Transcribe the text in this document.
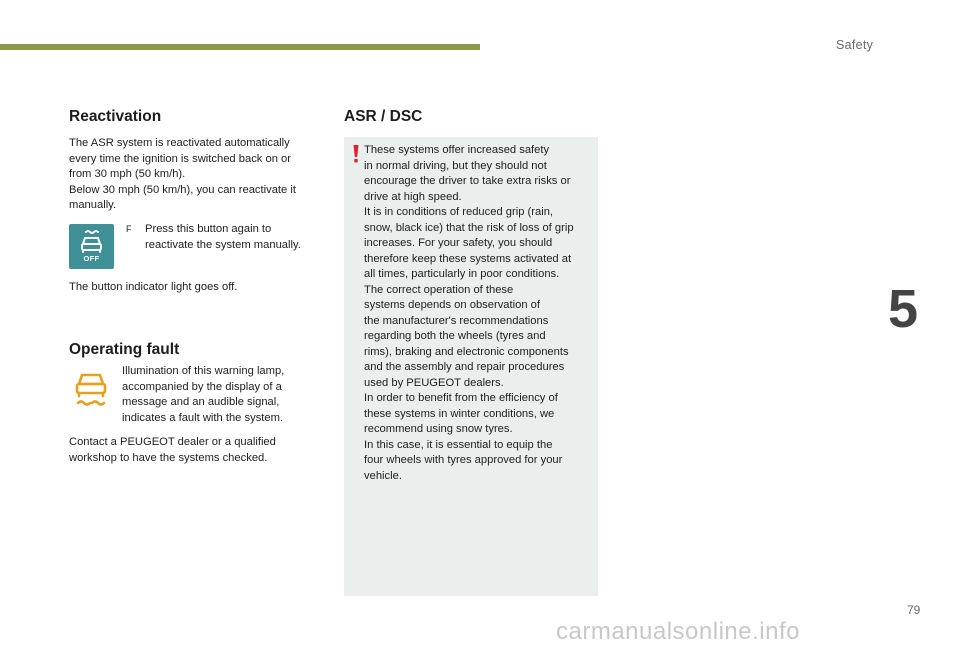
Safety
5
Reactivation
The ASR system is reactivated automatically
every time the ignition is switched back on or
from 30 mph (50 km/h).
Below 30 mph (50 km/h), you can reactivate it
manually.
OFF
F Press this button again to
reactivate the system manually.
The button indicator light goes off.
Operating fault
Illumination of this warning lamp,
accompanied by the display of a
message and an audible signal,
indicates a fault with the system.
Contact a PEUGEOT dealer or a qualified
workshop to have the systems checked.
ASR / DSC
These systems offer increased safety
in normal driving, but they should not
encourage the driver to take extra risks or
drive at high speed.
It is in conditions of reduced grip (rain,
snow, black ice) that the risk of loss of grip
increases. For your safety, you should
therefore keep these systems activated at
all times, particularly in poor conditions.
The correct operation of these
systems depends on observation of
the manufacturer's recommendations
regarding both the wheels (tyres and
rims), braking and electronic components
and the assembly and repair procedures
used by PEUGEOT dealers.
In order to benefit from the efficiency of
these systems in winter conditions, we
recommend using snow tyres.
In this case, it is essential to equip the
four wheels with tyres approved for your
vehicle.
79
carmanualsonline.info
